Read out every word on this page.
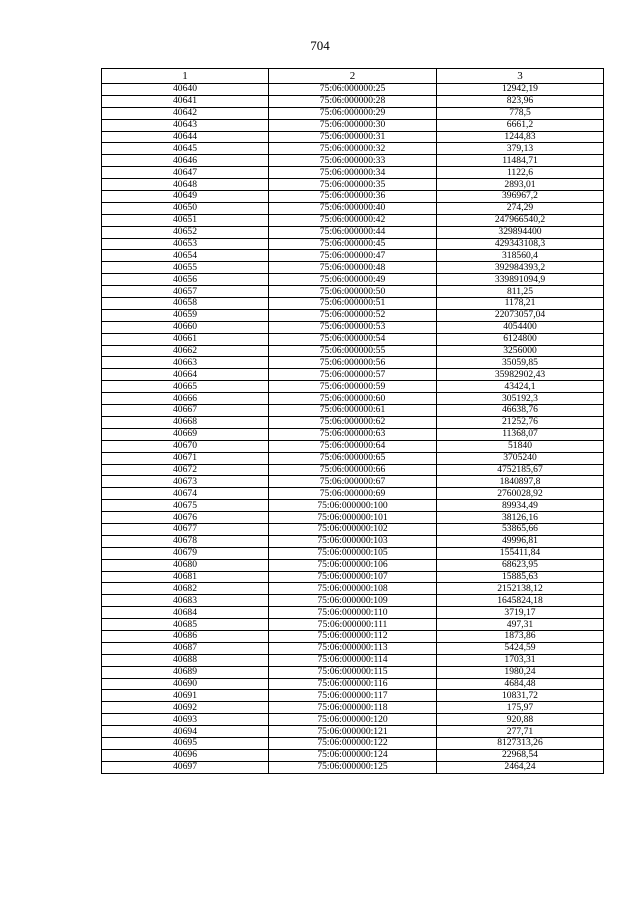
704
1	2	3
40640	75:06:000000:25	12942,19
40641	75:06:000000:28	823,96
40642	75:06:000000:29	778,5
40643	75:06:000000:30	6661,2
40644	75:06:000000:31	1244,83
40645	75:06:000000:32	379,13
40646	75:06:000000:33	11484,71
40647	75:06:000000:34	1122,6
40648	75:06:000000:35	2893,01
40649	75:06:000000:36	396967,2
40650	75:06:000000:40	274,29
40651	75:06:000000:42	247966540,2
40652	75:06:000000:44	329894400
40653	75:06:000000:45	429343108,3
40654	75:06:000000:47	318560,4
40655	75:06:000000:48	392984393,2
40656	75:06:000000:49	339891094,9
40657	75:06:000000:50	811,25
40658	75:06:000000:51	1178,21
40659	75:06:000000:52	22073057,04
40660	75:06:000000:53	4054400
40661	75:06:000000:54	6124800
40662	75:06:000000:55	3256000
40663	75:06:000000:56	35059,85
40664	75:06:000000:57	35982902,43
40665	75:06:000000:59	43424,1
40666	75:06:000000:60	305192,3
40667	75:06:000000:61	46638,76
40668	75:06:000000:62	21252,76
40669	75:06:000000:63	11368,07
40670	75:06:000000:64	51840
40671	75:06:000000:65	3705240
40672	75:06:000000:66	4752185,67
40673	75:06:000000:67	1840897,8
40674	75:06:000000:69	2760028,92
40675	75:06:000000:100	89934,49
40676	75:06:000000:101	38126,16
40677	75:06:000000:102	53865,66
40678	75:06:000000:103	49996,81
40679	75:06:000000:105	155411,84
40680	75:06:000000:106	68623,95
40681	75:06:000000:107	15885,63
40682	75:06:000000:108	2152138,12
40683	75:06:000000:109	1645824,18
40684	75:06:000000:110	3719,17
40685	75:06:000000:111	497,31
40686	75:06:000000:112	1873,86
40687	75:06:000000:113	5424,59
40688	75:06:000000:114	1703,31
40689	75:06:000000:115	1980,24
40690	75:06:000000:116	4684,48
40691	75:06:000000:117	10831,72
40692	75:06:000000:118	175,97
40693	75:06:000000:120	920,88
40694	75:06:000000:121	277,71
40695	75:06:000000:122	8127313,26
40696	75:06:000000:124	22968,54
40697	75:06:000000:125	2464,24
